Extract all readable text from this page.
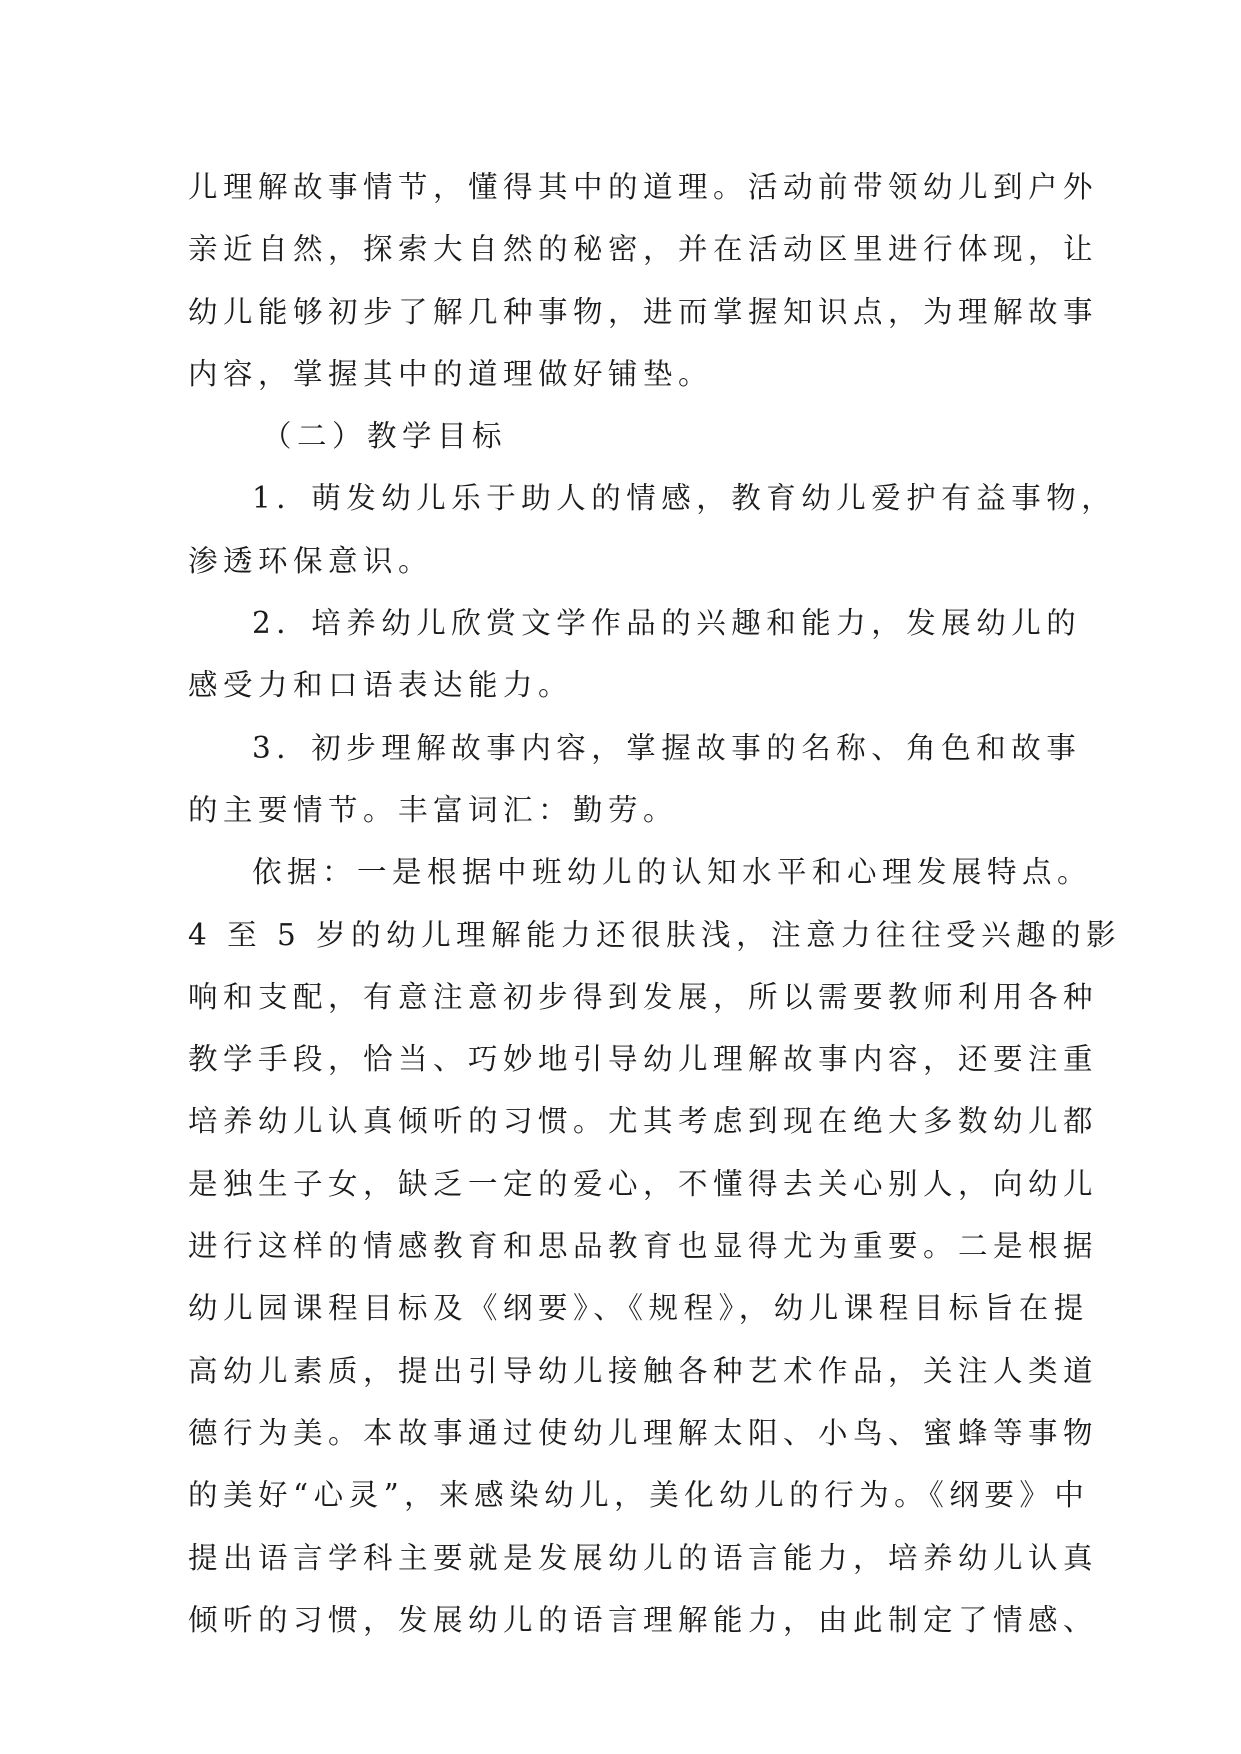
儿理解故事情节，懂得其中的道理。活动前带领幼儿到户外
亲近自然，探索大自然的秘密，并在活动区里进行体现，让
幼儿能够初步了解几种事物，进而掌握知识点，为理解故事
内容，掌握其中的道理做好铺垫。
（二）教学目标
1．萌发幼儿乐于助人的情感，教育幼儿爱护有益事物，
渗透环保意识。
2．培养幼儿欣赏文学作品的兴趣和能力，发展幼儿的
感受力和口语表达能力。
3．初步理解故事内容，掌握故事的名称、角色和故事
的主要情节。丰富词汇：勤劳。
依据：一是根据中班幼儿的认知水平和心理发展特点。
4 至 5 岁的幼儿理解能力还很肤浅，注意力往往受兴趣的影
响和支配，有意注意初步得到发展，所以需要教师利用各种
教学手段，恰当、巧妙地引导幼儿理解故事内容，还要注重
培养幼儿认真倾听的习惯。尤其考虑到现在绝大多数幼儿都
是独生子女，缺乏一定的爱心，不懂得去关心别人，向幼儿
进行这样的情感教育和思品教育也显得尤为重要。二是根据
幼儿园课程目标及《纲要》、《规程》，幼儿课程目标旨在提
高幼儿素质，提出引导幼儿接触各种艺术作品，关注人类道
德行为美。本故事通过使幼儿理解太阳、小鸟、蜜蜂等事物
的美好“心灵”，来感染幼儿，美化幼儿的行为。《纲要》中
提出语言学科主要就是发展幼儿的语言能力，培养幼儿认真
倾听的习惯，发展幼儿的语言理解能力，由此制定了情感、
